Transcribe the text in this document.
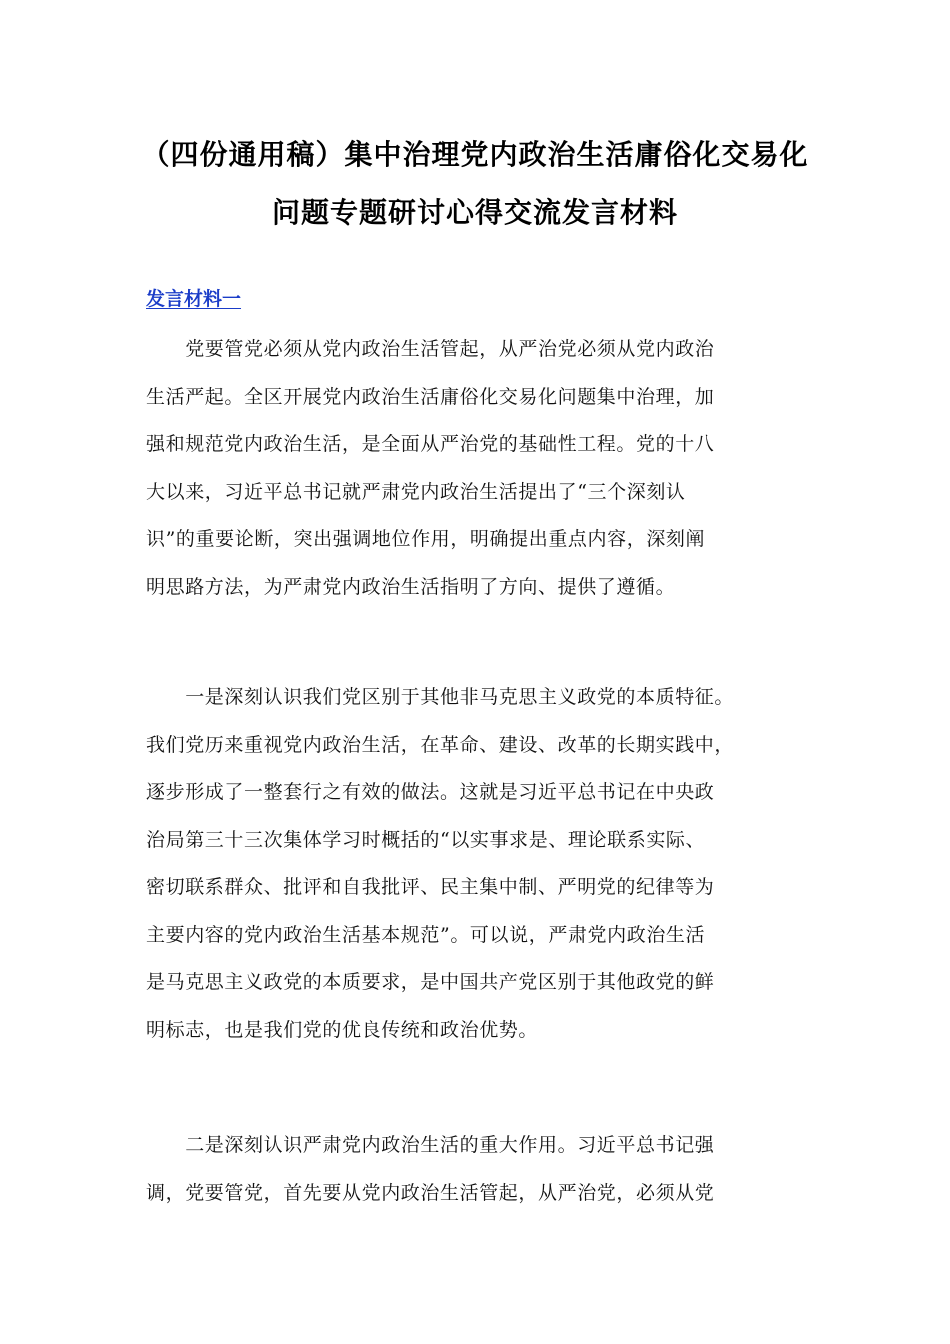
（四份通用稿）集中治理党内政治生活庸俗化交易化
问题专题研讨心得交流发言材料
发言材料一
　　党要管党必须从党内政治生活管起，从严治党必须从党内政治
生活严起。全区开展党内政治生活庸俗化交易化问题集中治理，加
强和规范党内政治生活，是全面从严治党的基础性工程。党的十八
大以来，习近平总书记就严肃党内政治生活提出了“三个深刻认
识”的重要论断，突出强调地位作用，明确提出重点内容，深刻阐
明思路方法，为严肃党内政治生活指明了方向、提供了遵循。
　　一是深刻认识我们党区别于其他非马克思主义政党的本质特征。
我们党历来重视党内政治生活，在革命、建设、改革的长期实践中，
逐步形成了一整套行之有效的做法。这就是习近平总书记在中央政
治局第三十三次集体学习时概括的“以实事求是、理论联系实际、
密切联系群众、批评和自我批评、民主集中制、严明党的纪律等为
主要内容的党内政治生活基本规范”。可以说，严肃党内政治生活
是马克思主义政党的本质要求，是中国共产党区别于其他政党的鲜
明标志，也是我们党的优良传统和政治优势。
　　二是深刻认识严肃党内政治生活的重大作用。习近平总书记强
调，党要管党，首先要从党内政治生活管起，从严治党，必须从党
